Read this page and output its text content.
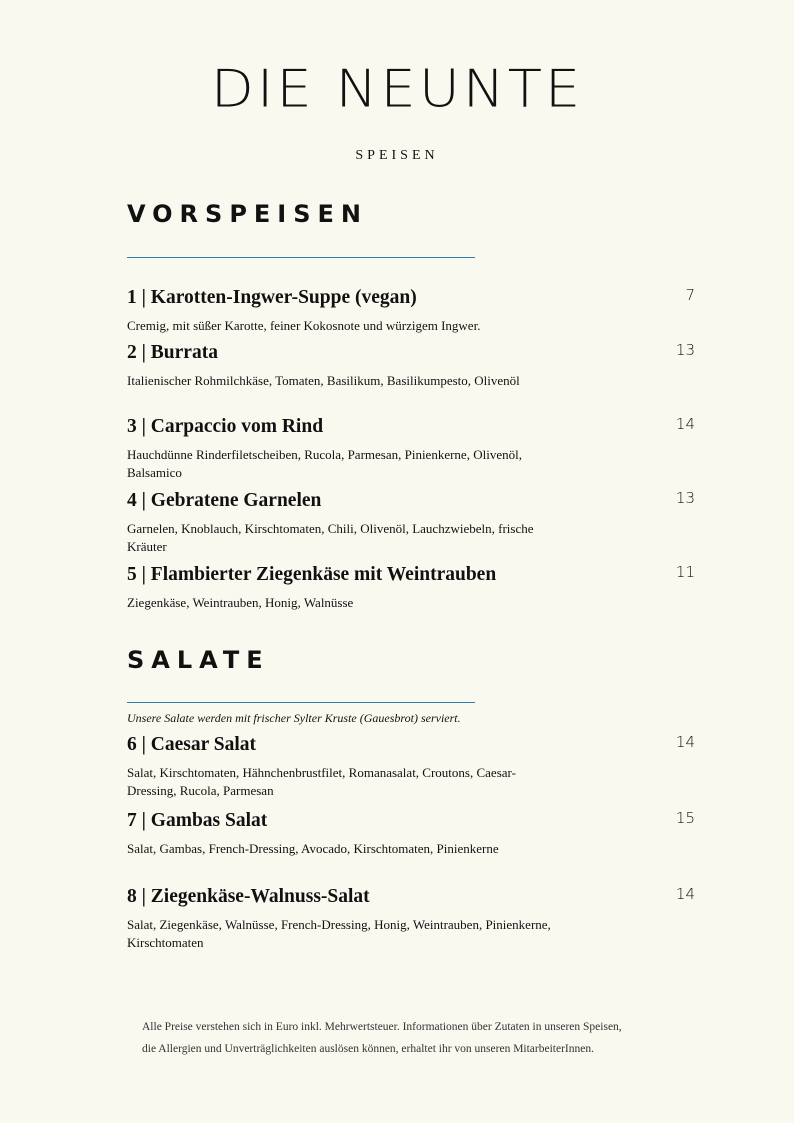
DIE NEUNTE
SPEISEN
VORSPEISEN
1 | Karotten-Ingwer-Suppe (vegan)	7
Cremig, mit süßer Karotte, feiner Kokosnote und würzigem Ingwer.
2 | Burrata	13
Italienischer Rohmilchkäse, Tomaten, Basilikum, Basilikumpesto, Olivenöl
3 | Carpaccio vom Rind	14
Hauchdünne Rinderfiletscheiben, Rucola, Parmesan, Pinienkerne, Olivenöl, Balsamico
4 | Gebratene Garnelen	13
Garnelen, Knoblauch, Kirschtomaten, Chili, Olivenöl, Lauchzwiebeln, frische Kräuter
5 | Flambierter Ziegenkäse mit Weintrauben	11
Ziegenkäse, Weintrauben, Honig, Walnüsse
SALATE
Unsere Salate werden mit frischer Sylter Kruste (Gauesbrot) serviert.
6 | Caesar Salat	14
Salat, Kirschtomaten, Hähnchenbrustfilet, Romanasalat, Croutons, Caesar-Dressing, Rucola, Parmesan
7 | Gambas Salat	15
Salat, Gambas, French-Dressing, Avocado, Kirschtomaten, Pinienkerne
8 | Ziegenkäse-Walnuss-Salat	14
Salat, Ziegenkäse, Walnüsse, French-Dressing, Honig, Weintrauben, Pinienkerne, Kirschtomaten
Alle Preise verstehen sich in Euro inkl. Mehrwertsteuer. Informationen über Zutaten in unseren Speisen,
die Allergien und Unverträglichkeiten auslösen können, erhaltet ihr von unseren MitarbeiterInnen.
